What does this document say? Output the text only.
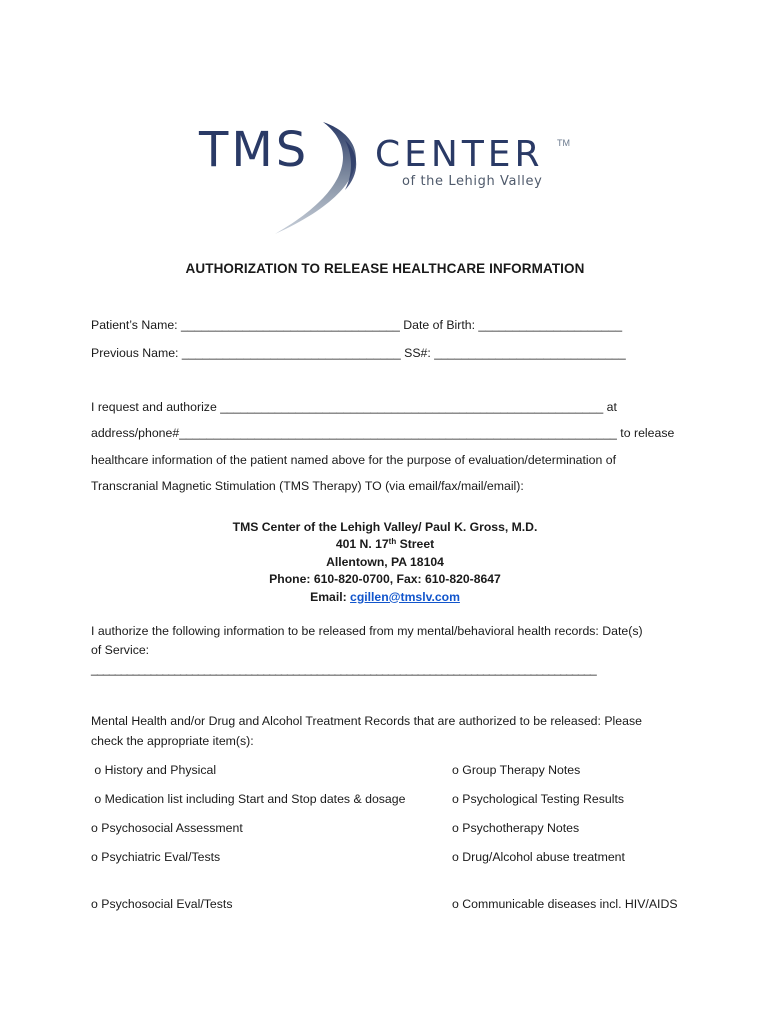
TMS CENTER TM
of the Lehigh Valley
AUTHORIZATION TO RELEASE HEALTHCARE INFORMATION
Patient’s Name: ________________________________ Date of Birth: _____________________
Previous Name: ________________________________ SS#: ____________________________
I request and authorize ________________________________________________________ at
address/phone#________________________________________________________________ to release
healthcare information of the patient named above for the purpose of evaluation/determination of
Transcranial Magnetic Stimulation (TMS Therapy) TO (via email/fax/mail/email):
TMS Center of the Lehigh Valley/ Paul K. Gross, M.D.
401 N. 17th Street
Allentown, PA 18104
Phone: 610-820-0700, Fax: 610-820-8647
Email: cgillen@tmslv.com
I authorize the following information to be released from my mental/behavioral health records: Date(s)
of Service:
_____________________________________________________________________________________
Mental Health and/or Drug and Alcohol Treatment Records that are authorized to be released: Please
check the appropriate item(s):
o History and Physical
o Medication list including Start and Stop dates & dosage
o Psychosocial Assessment
o Psychiatric Eval/Tests
o Psychosocial Eval/Tests
o Group Therapy Notes
o Psychological Testing Results
o Psychotherapy Notes
o Drug/Alcohol abuse treatment
o Communicable diseases incl. HIV/AIDS
